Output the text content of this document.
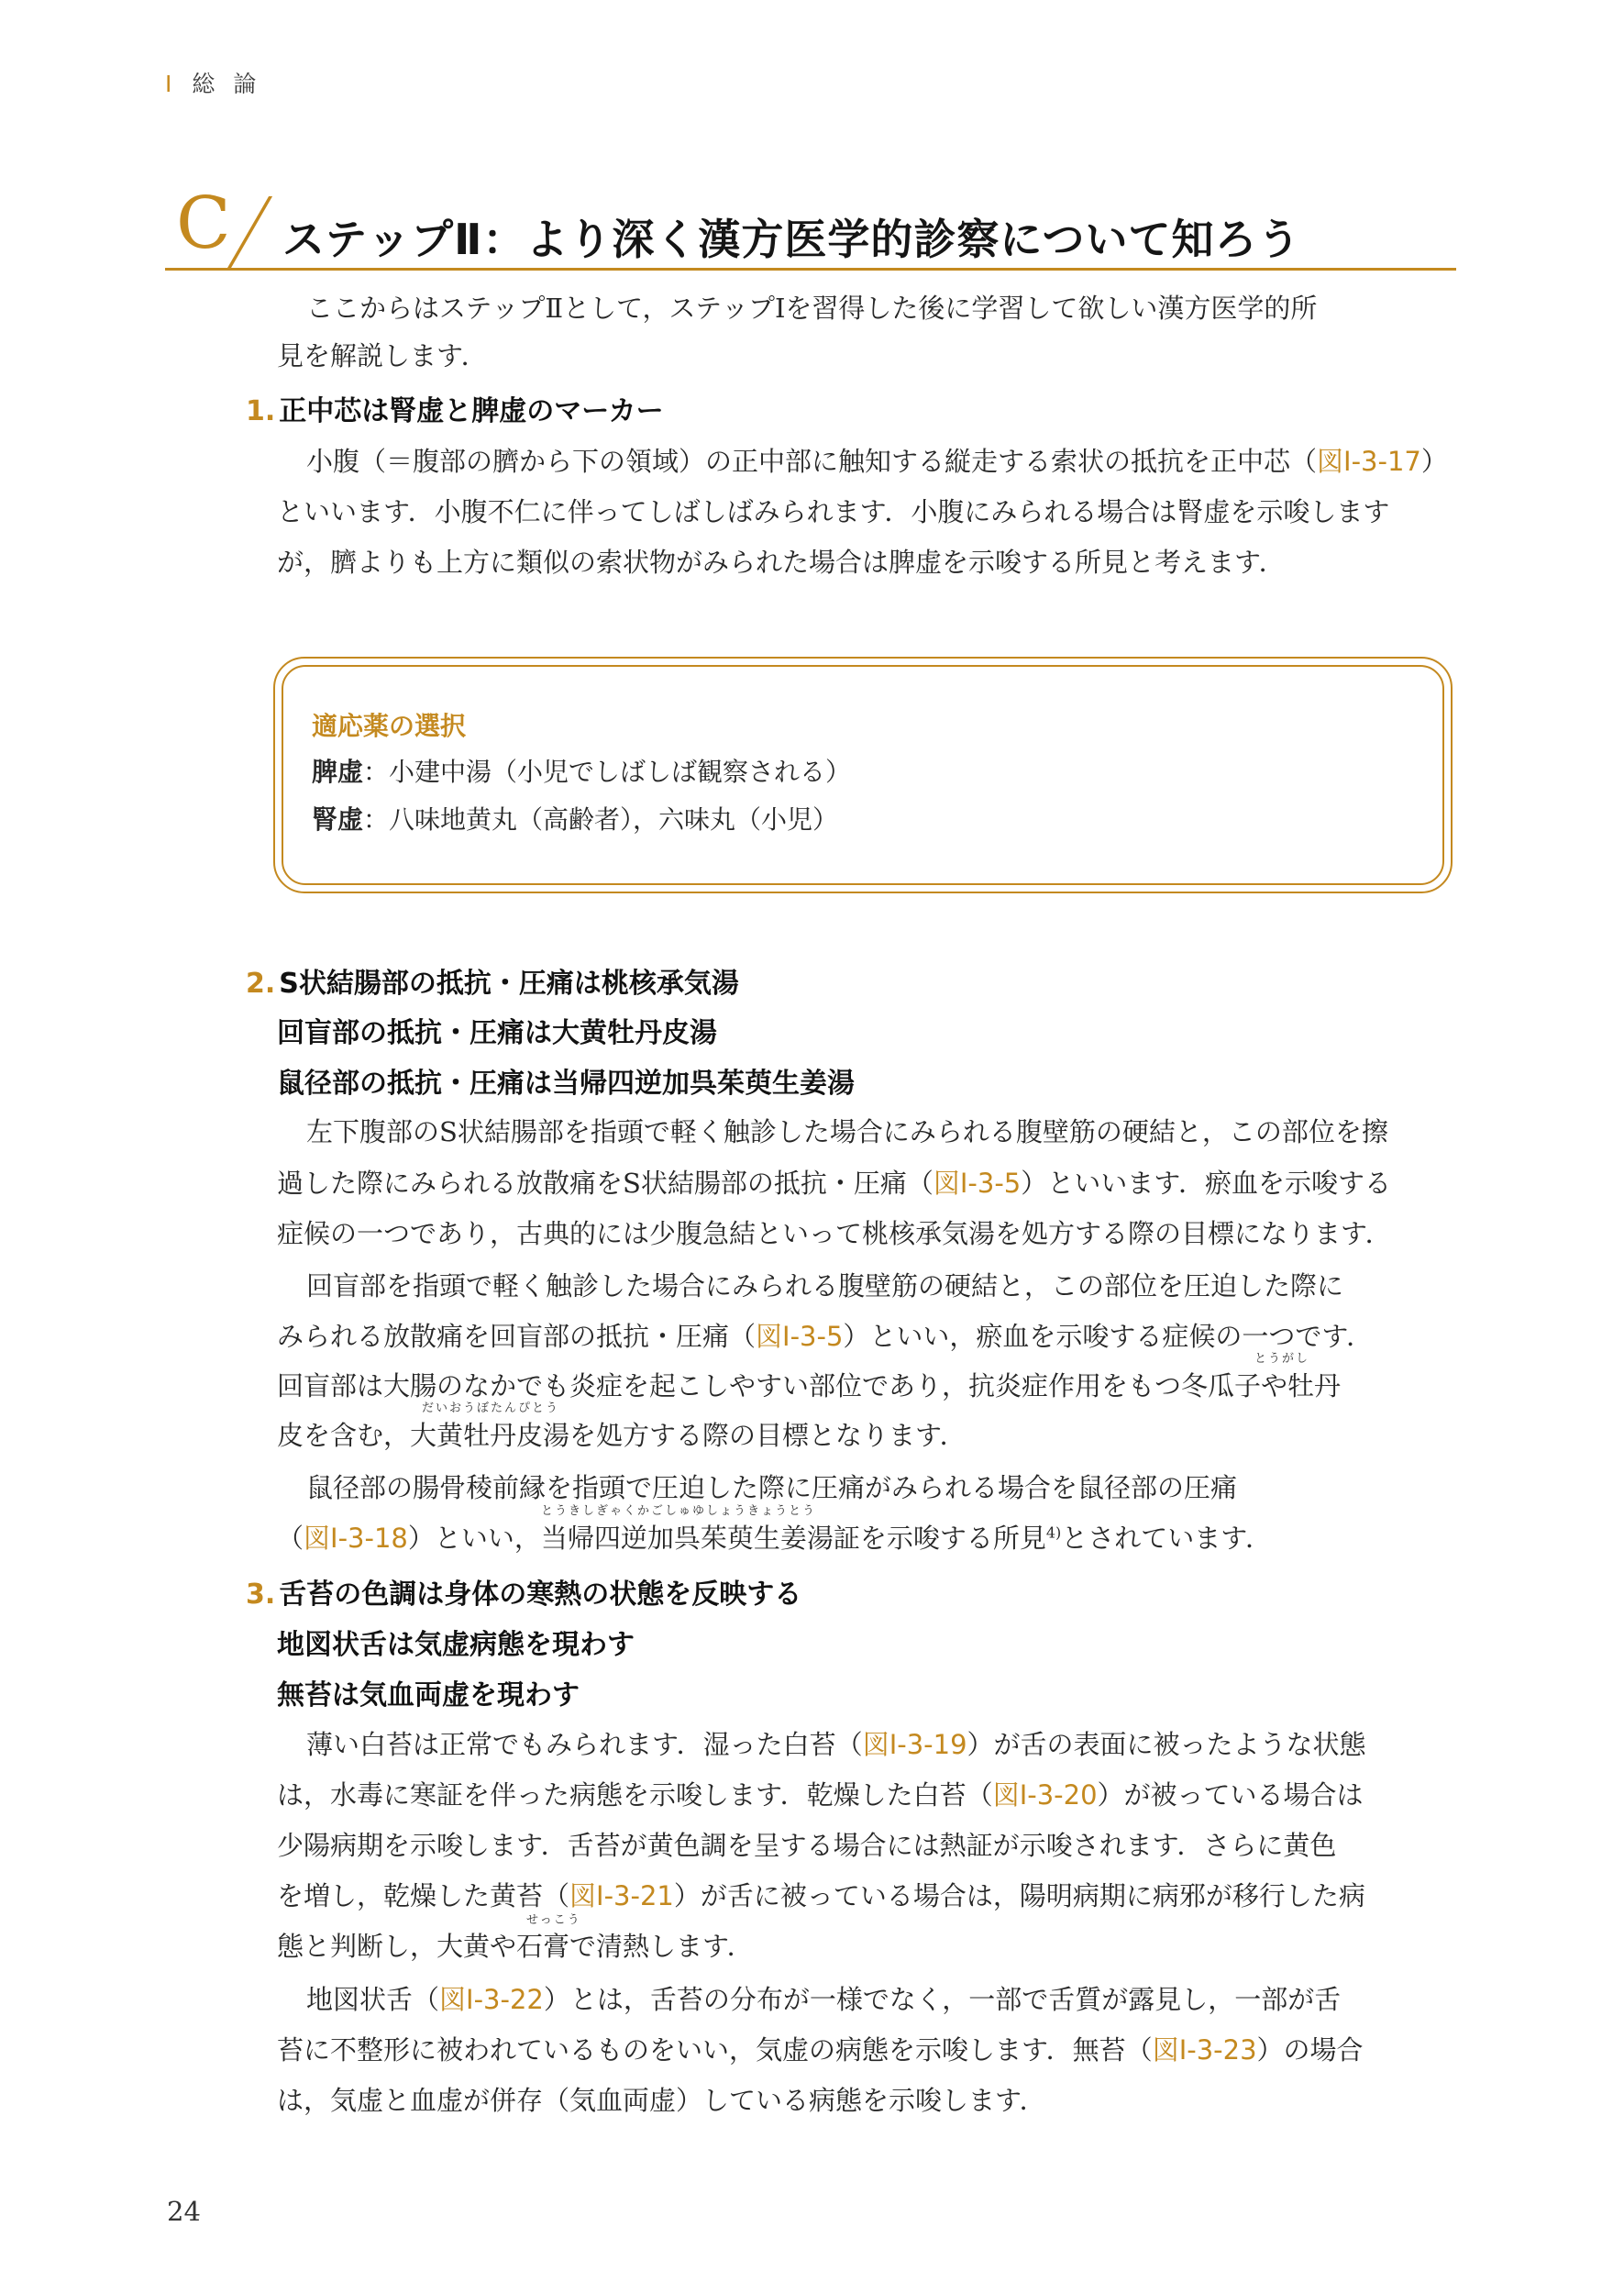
I 総 論
C ステップⅡ：より深く漢方医学的診察について知ろう
ここからはステップⅡとして，ステップⅠを習得した後に学習して欲しい漢方医学的所
見を解説します．
1. 正中芯は腎虚と脾虚のマーカー
小腹（＝腹部の臍から下の領域）の正中部に触知する縦走する索状の抵抗を正中芯（図Ⅰ-3-17）
といいます．小腹不仁に伴ってしばしばみられます．小腹にみられる場合は腎虚を示唆します
が，臍よりも上方に類似の索状物がみられた場合は脾虚を示唆する所見と考えます．
適応薬の選択
脾虚：小建中湯（小児でしばしば観察される）
腎虚：八味地黄丸（高齢者），六味丸（小児）
2. S状結腸部の抵抗・圧痛は桃核承気湯
回盲部の抵抗・圧痛は大黄牡丹皮湯
鼠径部の抵抗・圧痛は当帰四逆加呉茱萸生姜湯
左下腹部のS状結腸部を指頭で軽く触診した場合にみられる腹壁筋の硬結と，この部位を擦
過した際にみられる放散痛をS状結腸部の抵抗・圧痛（図Ⅰ-3-5）といいます．瘀血を示唆する
症候の一つであり，古典的には少腹急結といって桃核承気湯を処方する際の目標になります．
回盲部を指頭で軽く触診した場合にみられる腹壁筋の硬結と，この部位を圧迫した際に
みられる放散痛を回盲部の抵抗・圧痛（図Ⅰ-3-5）といい，瘀血を示唆する症候の一つです．
とうがし
回盲部は大腸のなかでも炎症を起こしやすい部位であり，抗炎症作用をもつ冬瓜子や牡丹
だいおうぼたんぴとう
皮を含む，大黄牡丹皮湯を処方する際の目標となります．
鼠径部の腸骨稜前縁を指頭で圧迫した際に圧痛がみられる場合を鼠径部の圧痛
とうきしぎゃくかごしゅゆしょうきょうとう
（図Ⅰ-3-18）といい，当帰四逆加呉茱萸生姜湯証を示唆する所見$^{4)}$とされています．
3. 舌苔の色調は身体の寒熱の状態を反映する
地図状舌は気虚病態を現わす
無苔は気血両虚を現わす
薄い白苔は正常でもみられます．湿った白苔（図Ⅰ-3-19）が舌の表面に被ったような状態
は，水毒に寒証を伴った病態を示唆します．乾燥した白苔（図Ⅰ-3-20）が被っている場合は
少陽病期を示唆します．舌苔が黄色調を呈する場合には熱証が示唆されます．さらに黄色
を増し，乾燥した黄苔（図Ⅰ-3-21）が舌に被っている場合は，陽明病期に病邪が移行した病
せっこう
態と判断し，大黄や石膏で清熱します．
地図状舌（図Ⅰ-3-22）とは，舌苔の分布が一様でなく，一部で舌質が露見し，一部が舌
苔に不整形に被われているものをいい，気虚の病態を示唆します．無苔（図Ⅰ-3-23）の場合
は，気虚と血虚が併存（気血両虚）している病態を示唆します．
24
